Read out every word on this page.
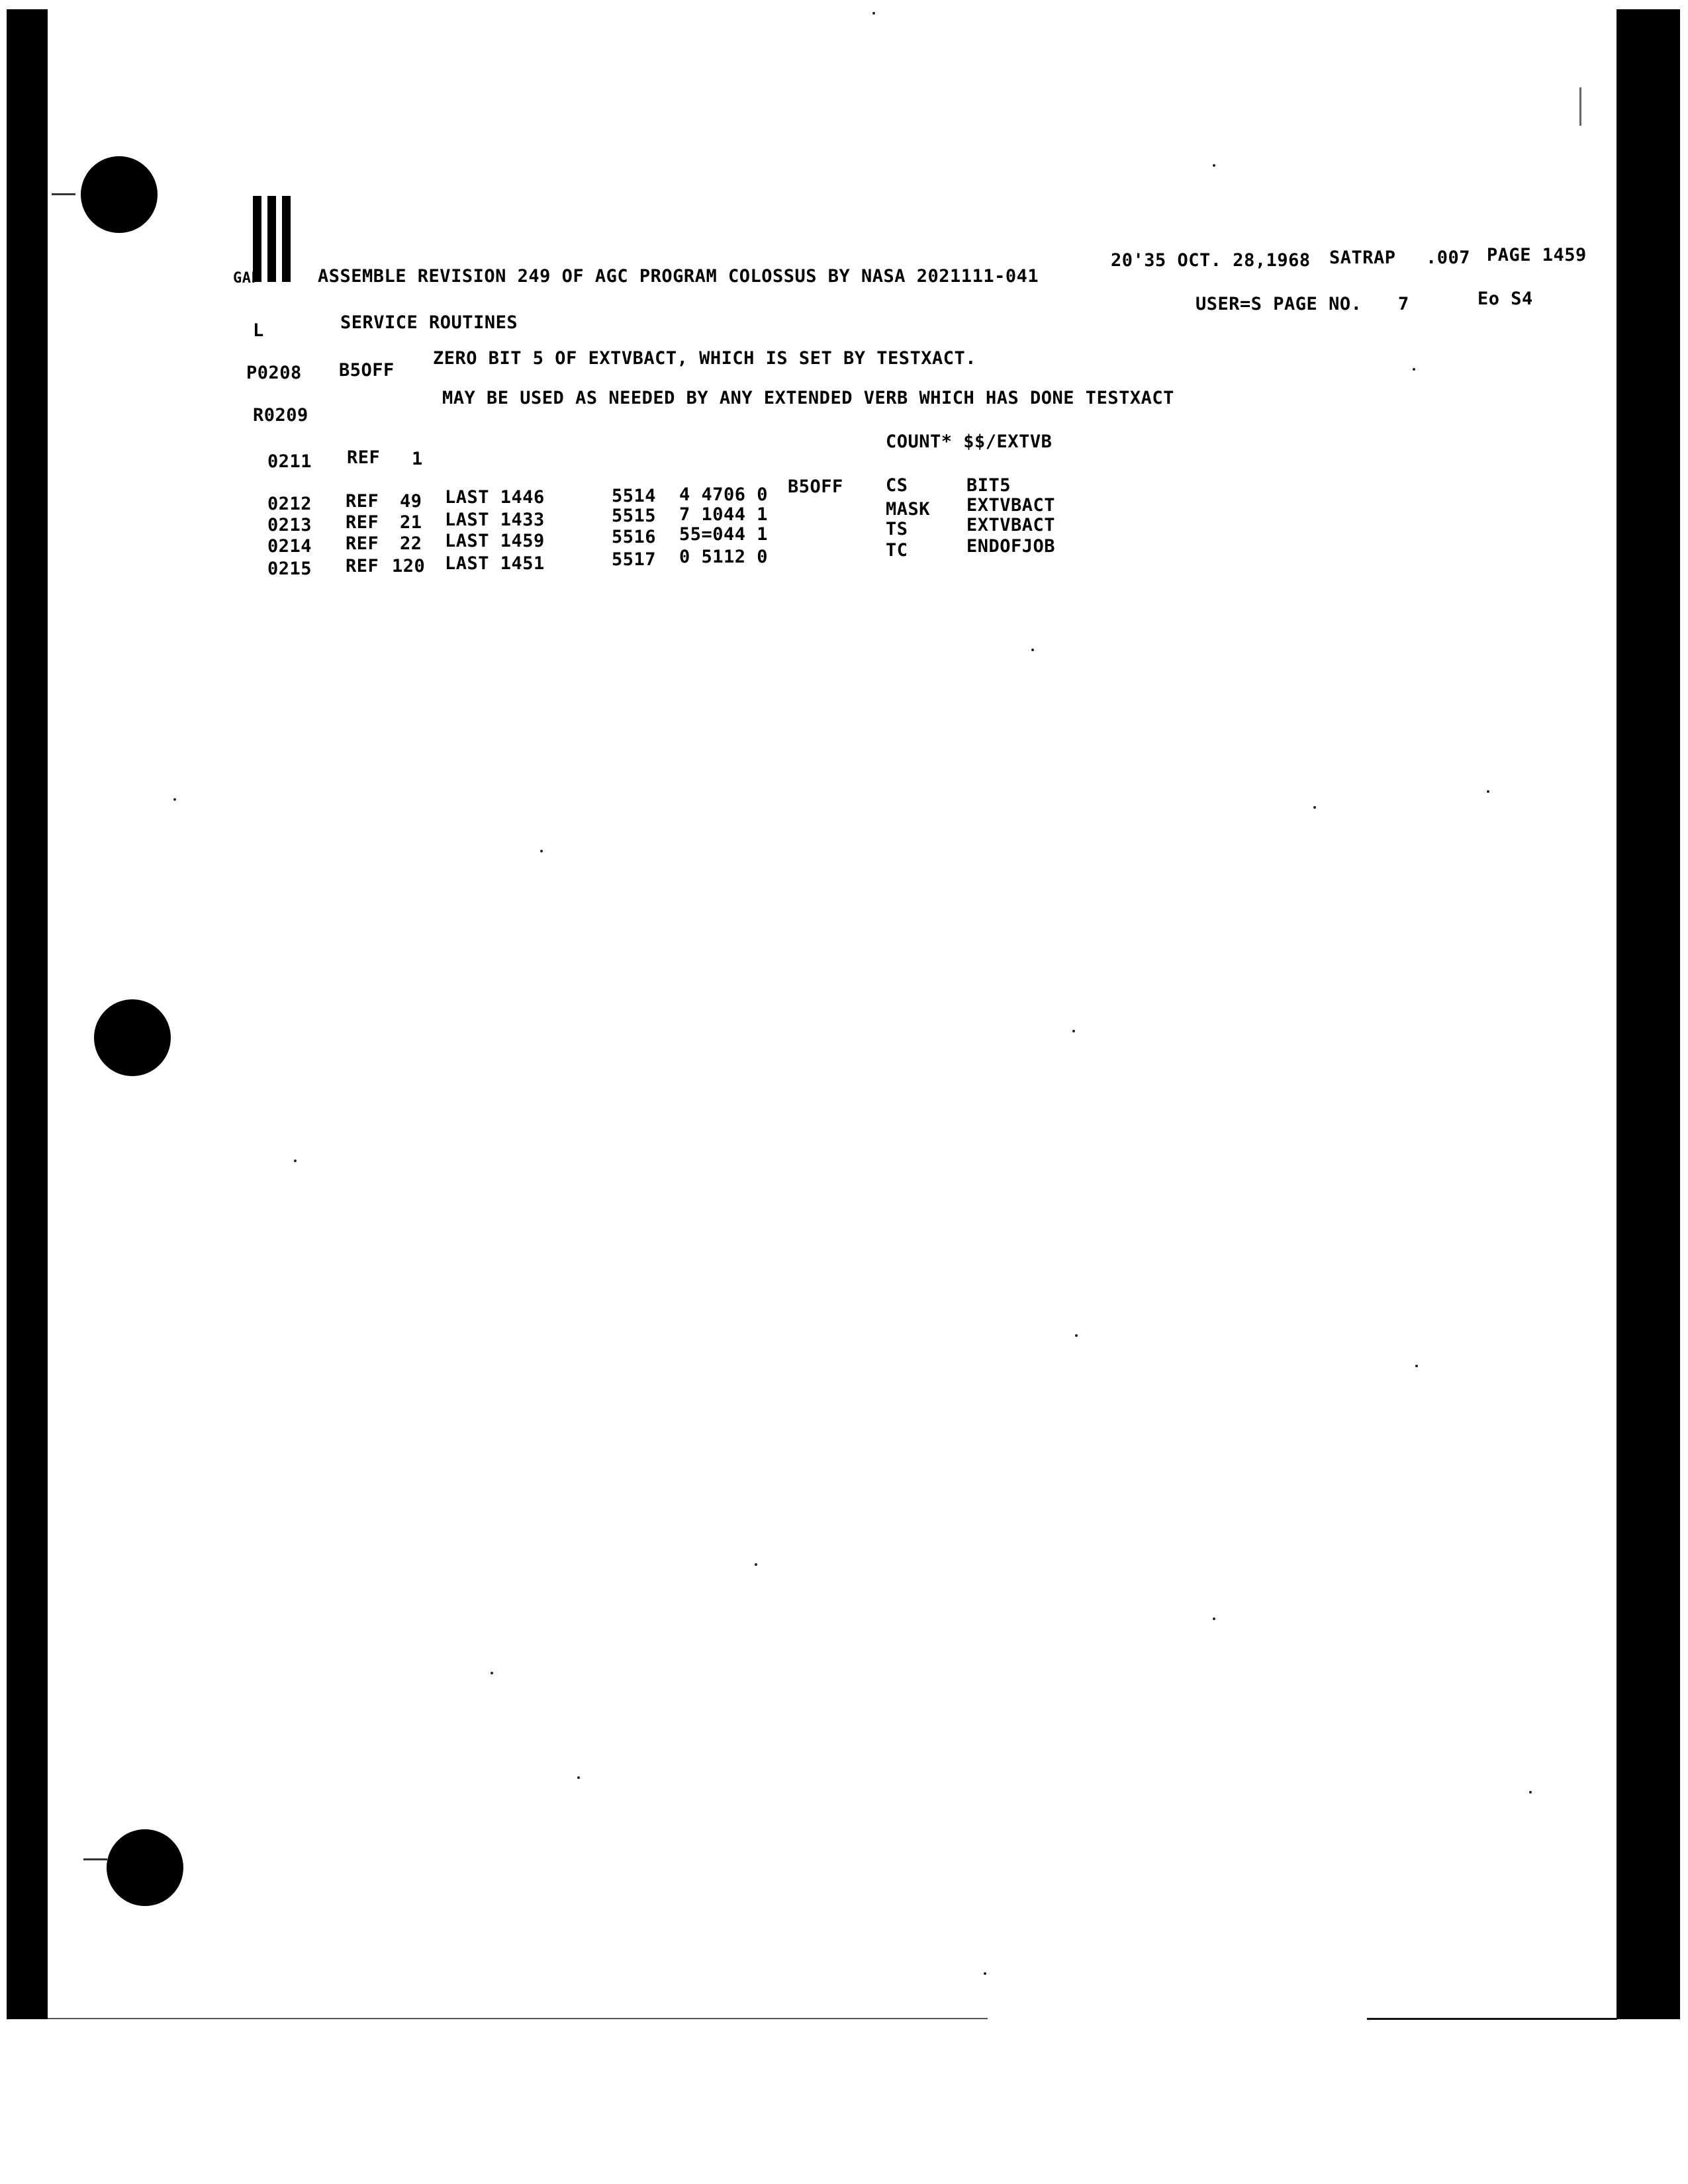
GAP	ASSEMBLE REVISION 249 OF AGC PROGRAM COLOSSUS BY NASA 2021111-041
20'35 OCT. 28,1968 SATRAP .007 PAGE 1459
USER=S PAGE NO. 7	Eo S4
L	SERVICE ROUTINES
P0208 B5OFF
ZERO BIT 5 OF EXTVBACT, WHICH IS SET BY TESTXACT.
R0209
MAY BE USED AS NEEDED BY ANY EXTENDED VERB WHICH HAS DONE TESTXACT
0211 REF 1
COUNT* $$/EXTVB
0212 REF 49 LAST 1446	5514 4 4706 0 B5OFF CS	BIT5
0213 REF 21 LAST 1433	5515 7 1044 1	MASK EXTVBACT
0214 REF 22 LAST 1459	5516 55=044 1	TS	EXTVBACT
0215 REF 120 LAST 1451	5517 0 5112 0	TC	ENDOFJOB
